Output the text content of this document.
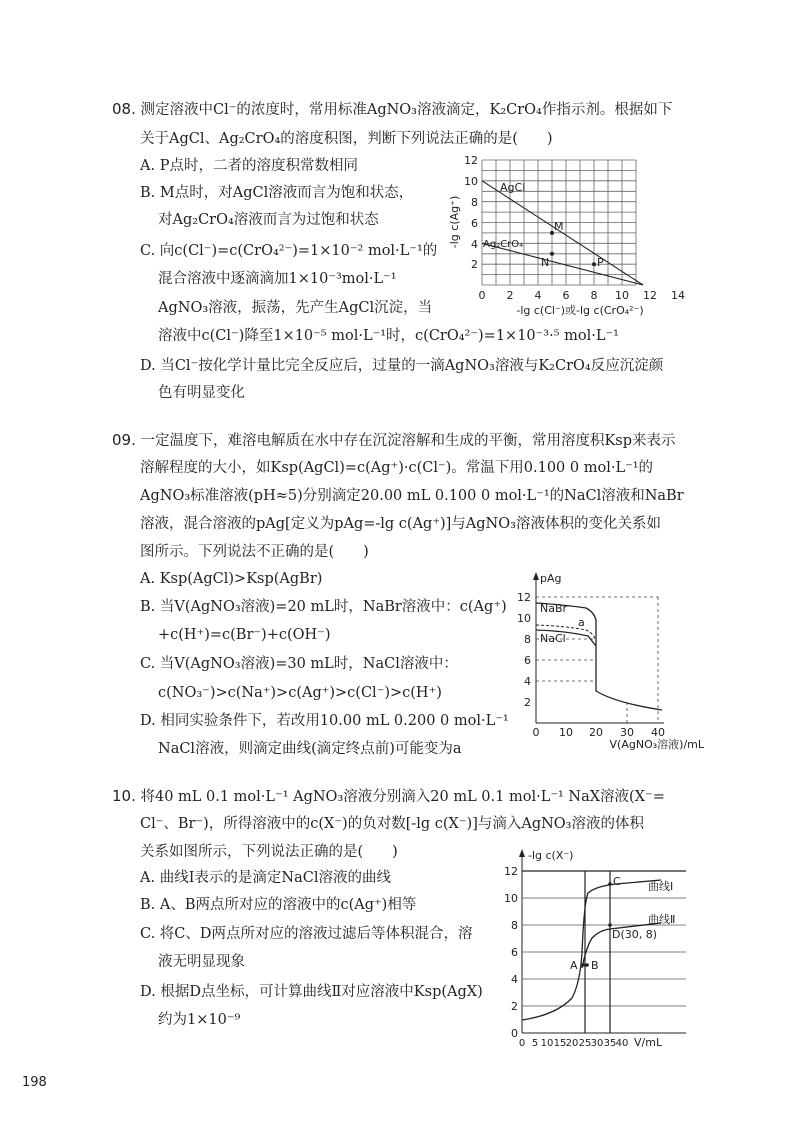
08. 测定溶液中Cl⁻的浓度时，常用标准AgNO₃溶液滴定，K₂CrO₄作指示剂。根据如下
关于AgCl、Ag₂CrO₄的溶度积图，判断下列说法正确的是(　　)
A. P点时，二者的溶度积常数相同
B. M点时，对AgCl溶液而言为饱和状态，
对Ag₂CrO₄溶液而言为过饱和状态
C. 向c(Cl⁻)=c(CrO₄²⁻)=1×10⁻² mol·L⁻¹的
混合溶液中逐滴滴加1×10⁻³mol·L⁻¹
AgNO₃溶液，振荡，先产生AgCl沉淀，当
溶液中c(Cl⁻)降至1×10⁻⁵ mol·L⁻¹时，c(CrO₄²⁻)=1×10⁻³·⁵ mol·L⁻¹
D. 当Cl⁻按化学计量比完全反应后，过量的一滴AgNO₃溶液与K₂CrO₄反应沉淀颜
色有明显变化
AgCl
Ag₂CrO₄
M
N	P
12
10
8
6
4
2
0 2 4 6 8 10 12 14
-lg c(Cl⁻)或-lg c(CrO₄²⁻)
-lg c(Ag⁺)
09. 一定温度下，难溶电解质在水中存在沉淀溶解和生成的平衡，常用溶度积Ksp来表示
溶解程度的大小，如Ksp(AgCl)=c(Ag⁺)·c(Cl⁻)。常温下用0.100 0 mol·L⁻¹的
AgNO₃标准溶液(pH≈5)分别滴定20.00 mL 0.100 0 mol·L⁻¹的NaCl溶液和NaBr
溶液，混合溶液的pAg[定义为pAg=-lg c(Ag⁺)]与AgNO₃溶液体积的变化关系如
图所示。下列说法不正确的是(　　)
A. Ksp(AgCl)>Ksp(AgBr)
B. 当V(AgNO₃溶液)=20 mL时，NaBr溶液中：c(Ag⁺)
+c(H⁺)=c(Br⁻)+c(OH⁻)
C. 当V(AgNO₃溶液)=30 mL时，NaCl溶液中：
c(NO₃⁻)>c(Na⁺)>c(Ag⁺)>c(Cl⁻)>c(H⁺)
D. 相同实验条件下，若改用10.00 mL 0.200 0 mol·L⁻¹
NaCl溶液，则滴定曲线(滴定终点前)可能变为a
NaBr
a
NaCl
pAg
12
10
8
6
4
2
0 10 20 30 40
V(AgNO₃溶液)/mL
10. 将40 mL 0.1 mol·L⁻¹ AgNO₃溶液分别滴入20 mL 0.1 mol·L⁻¹ NaX溶液(X⁻=
Cl⁻、Br⁻)，所得溶液中的c(X⁻)的负对数[-lg c(X⁻)]与滴入AgNO₃溶液的体积
关系如图所示，下列说法正确的是(　　)
A. 曲线Ⅰ表示的是滴定NaCl溶液的曲线
B. A、B两点所对应的溶液中的c(Ag⁺)相等
C. 将C、D两点所对应的溶液过滤后等体积混合，溶
液无明显现象
D. 根据D点坐标，可计算曲线Ⅱ对应溶液中Ksp(AgX)
约为1×10⁻⁹
A B
C
D(30, 8)
曲线Ⅰ
曲线Ⅱ
-lg c(X⁻)
12
10
8
6
4
2
0
0 5 10 15 20 25 30 35 40 V/mL
198
